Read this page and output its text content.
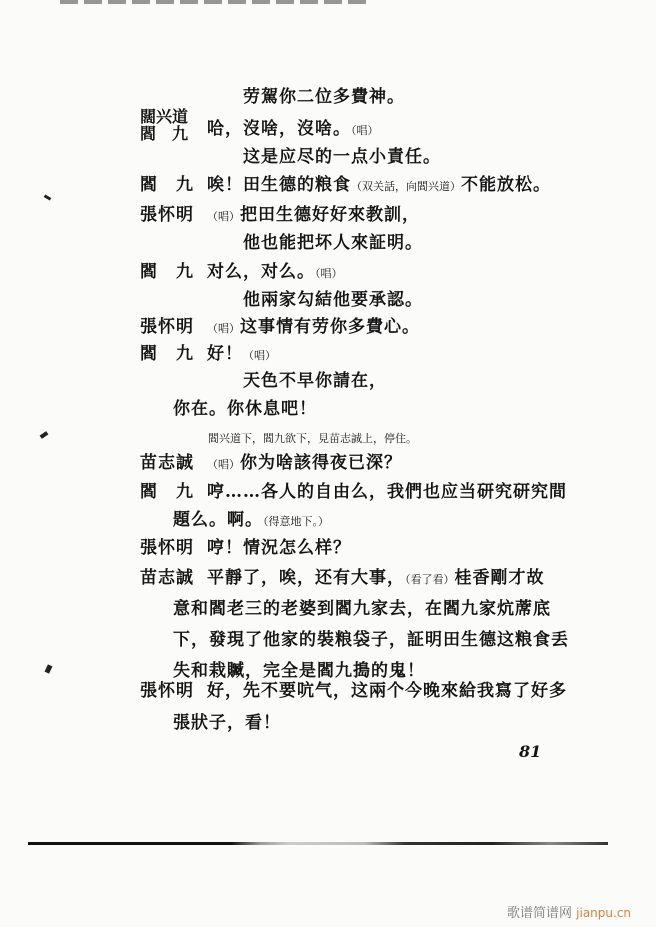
劳駕你二位多費神。
闊兴道
閻　九 哈，沒啥，沒啥。（唱）
这是应尽的一点小責任。
閻　九 唉！田生德的粮食（双关話，向閻兴道）不能放松。
張怀明 （唱）把田生德好好來教訓，
他也能把坏人來証明。
閻　九 对么，对么。（唱）
他兩家勾結他要承認。
張怀明 （唱）这事情有劳你多費心。
閻　九 好！（唱）
天色不早你請在，
你在。你休息吧！
閻兴道下，閻九欲下，見苗志誠上，停住。
苗志誠 （唱）你为啥該得夜已深？
閻　九 哼……各人的自由么，我們也应当研究研究間
題么。啊。（得意地下。）
張怀明 哼！情況怎么样？
苗志誠 平靜了，唉，还有大事，（看了看）桂香剛才故
意和閻老三的老婆到閻九家去，在閻九家炕蓆底
下，發現了他家的裝粮袋子，証明田生德这粮食丢
失和栽贓，完全是閻九搗的鬼！
張怀明 好，先不要吭气，这兩个今晚來給我寫了好多
張狀子，看！
81
歌谱简谱网 jianpu.cn
